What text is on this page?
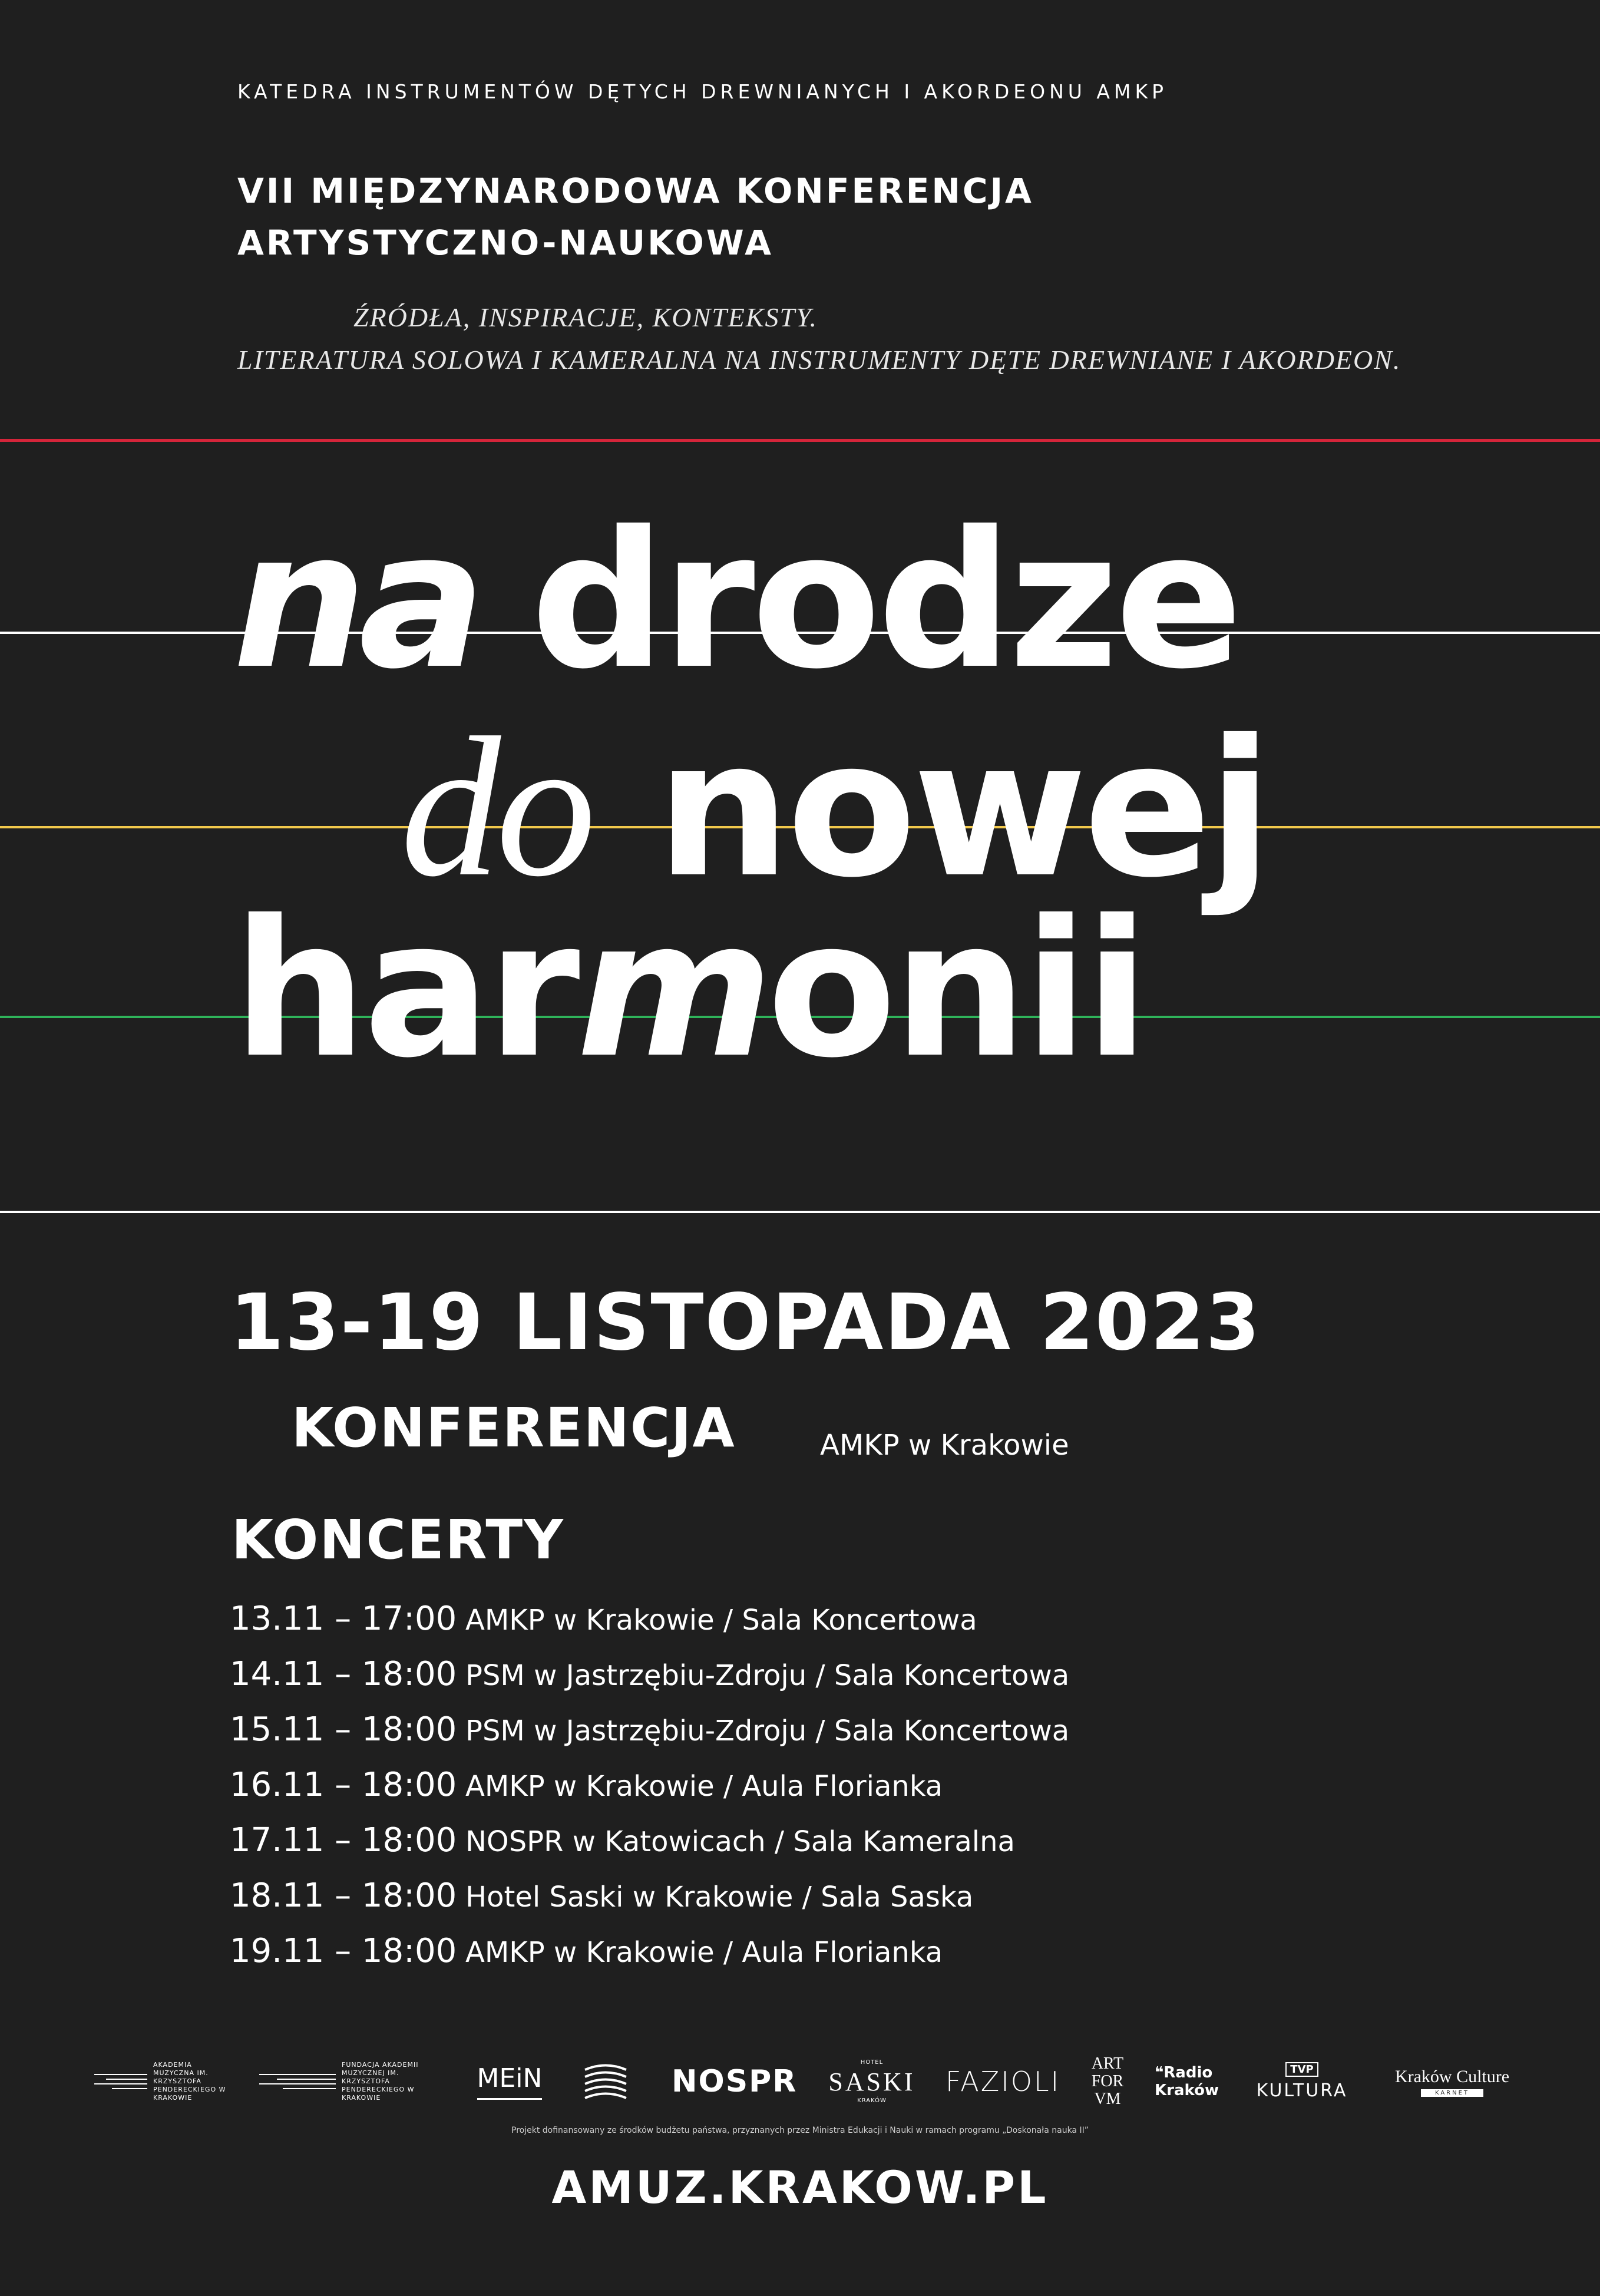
KATEDRA INSTRUMENTÓW DĘTYCH DREWNIANYCH I AKORDEONU AMKP
VII MIĘDZYNARODOWA KONFERENCJA
ARTYSTYCZNO-NAUKOWA
ŹRÓDŁA, INSPIRACJE, KONTEKSTY.
LITERATURA SOLOWA I KAMERALNA NA INSTRUMENTY DĘTE DREWNIANE I AKORDEON.
na drodze
do nowej
harmonii
13-19 LISTOPADA 2023
KONFERENCJA	AMKP w Krakowie
KONCERTY
13.11 – 17:00 AMKP w Krakowie / Sala Koncertowa
14.11 – 18:00 PSM w Jastrzębiu-Zdroju / Sala Koncertowa
15.11 – 18:00 PSM w Jastrzębiu-Zdroju / Sala Koncertowa
16.11 – 18:00 AMKP w Krakowie / Aula Florianka
17.11 – 18:00 NOSPR w Katowicach / Sala Kameralna
18.11 – 18:00 Hotel Saski w Krakowie / Sala Saska
19.11 – 18:00 AMKP w Krakowie / Aula Florianka
AKADEMIA MUZYCZNA IM. KRZYSZTOFA PENDERECKIEGO W KRAKOWIE
FUNDACJA AKADEMII MUZYCZNEJ IM. KRZYSZTOFA PENDERECKIEGO W KRAKOWIE
MEiN	NOSPR
HOTEL
SASKI
KRAKÓW
FAZIOLI
ART
FOR
VM
❝Radio
Kraków
TVP
KULTURA
Kraków Culture
KARNET
Projekt dofinansowany ze środków budżetu państwa, przyznanych przez Ministra Edukacji i Nauki w ramach programu „Doskonała nauka II”
AMUZ.KRAKOW.PL
